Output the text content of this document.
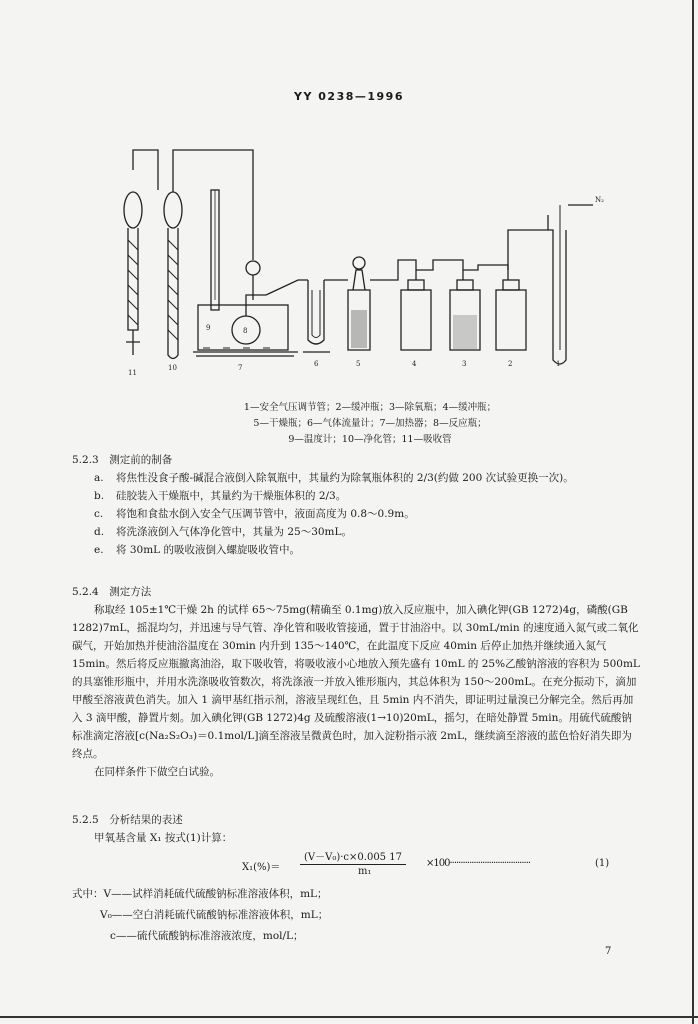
YY 0238—1996
N₂
11
10	7	6	5	4	3	2	1
9	8
1—安全气压调节管；2—缓冲瓶；3—除氧瓶；4—缓冲瓶；
5—干燥瓶；6—气体流量计；7—加热器；8—反应瓶；
9—温度计；10—净化管；11—吸收管

5.2.3　测定前的制备

a. 将焦性没食子酸-碱混合液倒入除氧瓶中，其量约为除氧瓶体积的 2/3(约做 200 次试验更换一次)。

b. 硅胶装入干燥瓶中，其量约为干燥瓶体积的 2/3。

c. 将饱和食盐水倒入安全气压调节管中，液面高度为 0.8～0.9m。

d. 将洗涤液倒入气体净化管中，其量为 25～30mL。

e. 将 30mL 的吸收液倒入螺旋吸收管中。

5.2.4　测定方法

称取经 105±1℃干燥 2h 的试样 65～75mg(精确至 0.1mg)放入反应瓶中，加入碘化钾(GB 1272)4g，磷酸(GB 1282)7mL，摇混均匀，并迅速与导气管、净化管和吸收管接通，置于甘油浴中。以 30mL/min 的速度通入氮气或二氧化碳气，开始加热并使油浴温度在 30min 内升到 135～140℃，在此温度下反应 40min 后停止加热并继续通入氮气 15min。然后将反应瓶撤离油浴，取下吸收管，将吸收液小心地放入预先盛有 10mL 的 25%乙酸钠溶液的容积为 500mL 的具塞锥形瓶中，并用水洗涤吸收管数次，将洗涤液一并放入锥形瓶内，其总体积为 150～200mL。在充分振动下，滴加甲酸至溶液黄色消失。加入 1 滴甲基红指示剂，溶液呈现红色，且 5min 内不消失，即证明过量溴已分解完全。然后再加入 3 滴甲酸，静置片刻。加入碘化钾(GB 1272)4g 及硫酸溶液(1→10)20mL，摇匀，在暗处静置 5min。用硫代硫酸钠标准滴定溶液[c(Na₂S₂O₃)＝0.1mol/L]滴至溶液呈微黄色时，加入淀粉指示液 2mL，继续滴至溶液的蓝色恰好消失即为终点。

在同样条件下做空白试验。

5.2.5　分析结果的表述

甲氧基含量 X₁ 按式(1)计算：

X₁(%)＝
(V－V₀)·c×0.005 17
m₁
×100·····································	(1)
式中：V——试样消耗硫代硫酸钠标准溶液体积，mL；
V₀——空白消耗硫代硫酸钠标准溶液体积，mL；
c——硫代硫酸钠标准溶液浓度，mol/L；
7
